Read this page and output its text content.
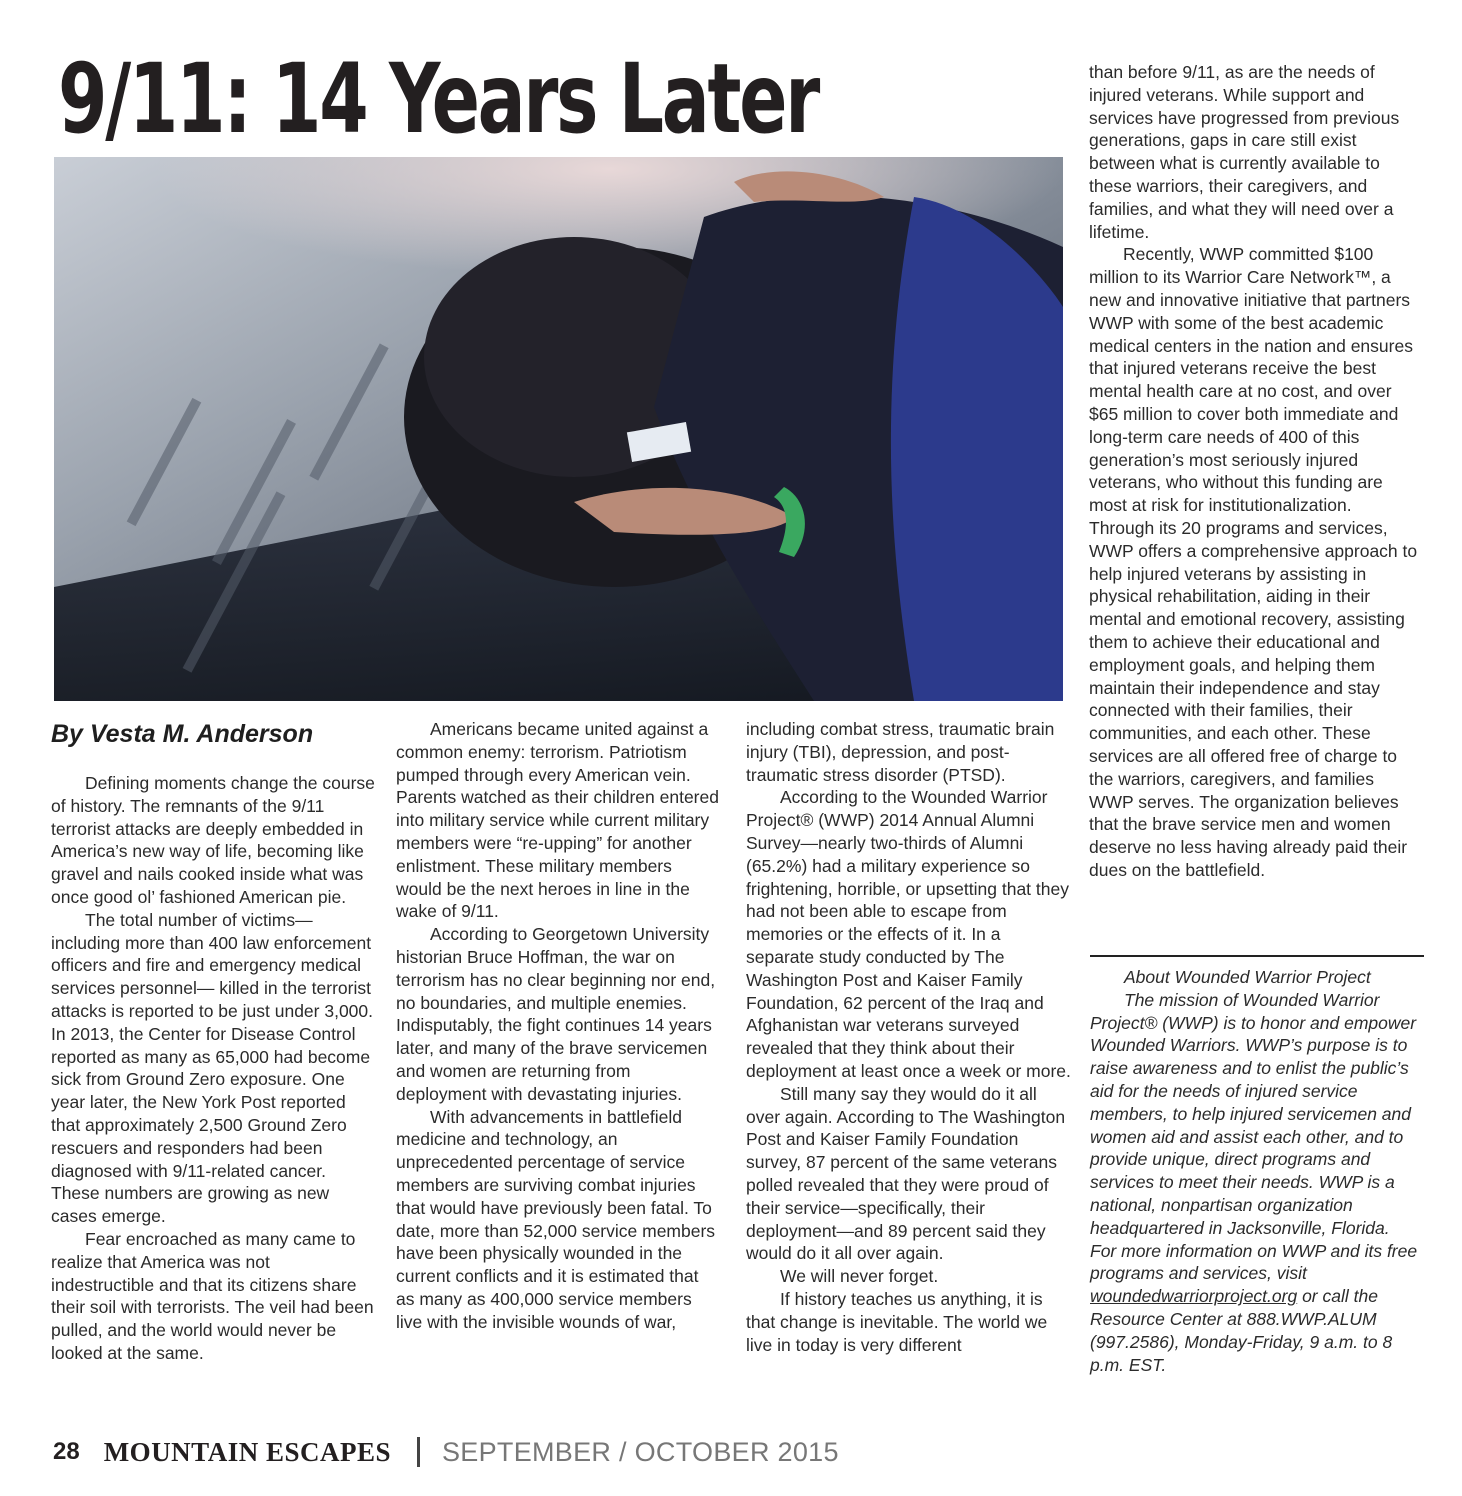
9/11: 14 Years Later
By Vesta M. Anderson

Defining moments change the course of history. The remnants of the 9/11 terrorist attacks are deeply embedded in America’s new way of life, becoming like gravel and nails cooked inside what was once good ol’ fashioned American pie.

The total number of victims—including more than 400 law enforcement officers and fire and emergency medical services personnel— killed in the terrorist attacks is reported to be just under 3,000. In 2013, the Center for Disease Control reported as many as 65,000 had become sick from Ground Zero exposure. One year later, the New York Post reported that approximately 2,500 Ground Zero rescuers and responders had been diagnosed with 9/11-related cancer. These numbers are growing as new cases emerge.

Fear encroached as many came to realize that America was not indestructible and that its citizens share their soil with terrorists. The veil had been pulled, and the world would never be looked at the same.

Americans became united against a common enemy: terrorism. Patriotism pumped through every American vein. Parents watched as their children entered into military service while current military members were “re-upping” for another enlistment. These military members would be the next heroes in line in the wake of 9/11.

According to Georgetown University historian Bruce Hoffman, the war on terrorism has no clear beginning nor end, no boundaries, and multiple enemies. Indisputably, the fight continues 14 years later, and many of the brave servicemen and women are returning from deployment with devastating injuries.

With advancements in battlefield medicine and technology, an unprecedented percentage of service members are surviving combat injuries that would have previously been fatal. To date, more than 52,000 service members have been physically wounded in the current conflicts and it is estimated that as many as 400,000 service members live with the invisible wounds of war,

including combat stress, traumatic brain injury (TBI), depression, and post-traumatic stress disorder (PTSD).

According to the Wounded Warrior Project® (WWP) 2014 Annual Alumni Survey—nearly two-thirds of Alumni (65.2%) had a military experience so frightening, horrible, or upsetting that they had not been able to escape from memories or the effects of it. In a separate study conducted by The Washington Post and Kaiser Family Foundation, 62 percent of the Iraq and Afghanistan war veterans surveyed revealed that they think about their deployment at least once a week or more.

Still many say they would do it all over again. According to The Washington Post and Kaiser Family Foundation survey, 87 percent of the same veterans polled revealed that they were proud of their service—specifically, their deployment—and 89 percent said they would do it all over again.

We will never forget.

If history teaches us anything, it is that change is inevitable. The world we live in today is very different

than before 9/11, as are the needs of injured veterans. While support and services have progressed from previous generations, gaps in care still exist between what is currently available to these warriors, their caregivers, and families, and what they will need over a lifetime.

Recently, WWP committed $100 million to its Warrior Care Network™, a new and innovative initiative that partners WWP with some of the best academic medical centers in the nation and ensures that injured veterans receive the best mental health care at no cost, and over $65 million to cover both immediate and long-term care needs of 400 of this generation’s most seriously injured veterans, who without this funding are most at risk for institutionalization. Through its 20 programs and services, WWP offers a comprehensive approach to help injured veterans by assisting in physical rehabilitation, aiding in their mental and emotional recovery, assisting them to achieve their educational and employment goals, and helping them maintain their independence and stay connected with their families, their communities, and each other. These services are all offered free of charge to the warriors, caregivers, and families WWP serves. The organization believes that the brave service men and women deserve no less having already paid their dues on the battlefield.

About Wounded Warrior Project

The mission of Wounded Warrior Project® (WWP) is to honor and empower Wounded Warriors. WWP’s purpose is to raise awareness and to enlist the public’s aid for the needs of injured service members, to help injured servicemen and women aid and assist each other, and to provide unique, direct programs and services to meet their needs. WWP is a national, nonpartisan organization headquartered in Jacksonville, Florida. For more information on WWP and its free programs and services, visit woundedwarriorproject.org or call the Resource Center at 888.WWP.ALUM (997.2586), Monday-Friday, 9 a.m. to 8 p.m. EST.

28 MOUNTAIN ESCAPES SEPTEMBER / OCTOBER 2015
